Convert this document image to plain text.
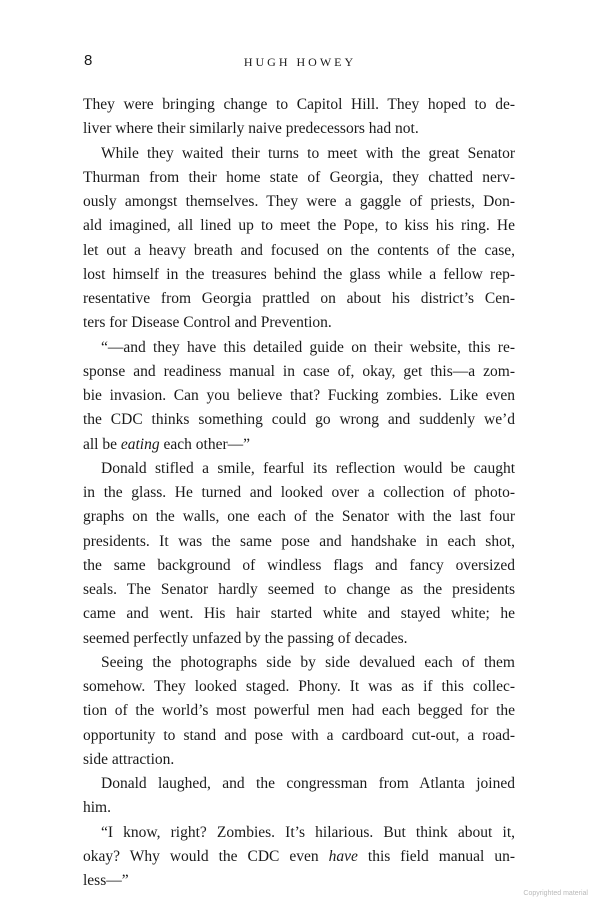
8	HUGH HOWEY
They were bringing change to Capitol Hill. They hoped to de-
liver where their similarly naive predecessors had not.
While they waited their turns to meet with the great Senator
Thurman from their home state of Georgia, they chatted nerv-
ously amongst themselves. They were a gaggle of priests, Don-
ald imagined, all lined up to meet the Pope, to kiss his ring. He
let out a heavy breath and focused on the contents of the case,
lost himself in the treasures behind the glass while a fellow rep-
resentative from Georgia prattled on about his district’s Cen-
ters for Disease Control and Prevention.
“—and they have this detailed guide on their website, this re-
sponse and readiness manual in case of, okay, get this—a zom-
bie invasion. Can you believe that? Fucking zombies. Like even
the CDC thinks something could go wrong and suddenly we’d
all be eating each other—”
Donald stifled a smile, fearful its reflection would be caught
in the glass. He turned and looked over a collection of photo-
graphs on the walls, one each of the Senator with the last four
presidents. It was the same pose and handshake in each shot,
the same background of windless flags and fancy oversized
seals. The Senator hardly seemed to change as the presidents
came and went. His hair started white and stayed white; he
seemed perfectly unfazed by the passing of decades.
Seeing the photographs side by side devalued each of them
somehow. They looked staged. Phony. It was as if this collec-
tion of the world’s most powerful men had each begged for the
opportunity to stand and pose with a cardboard cut-out, a road-
side attraction.
Donald laughed, and the congressman from Atlanta joined
him.
“I know, right? Zombies. It’s hilarious. But think about it,
okay? Why would the CDC even have this field manual un-
less—”
Copyrighted material
